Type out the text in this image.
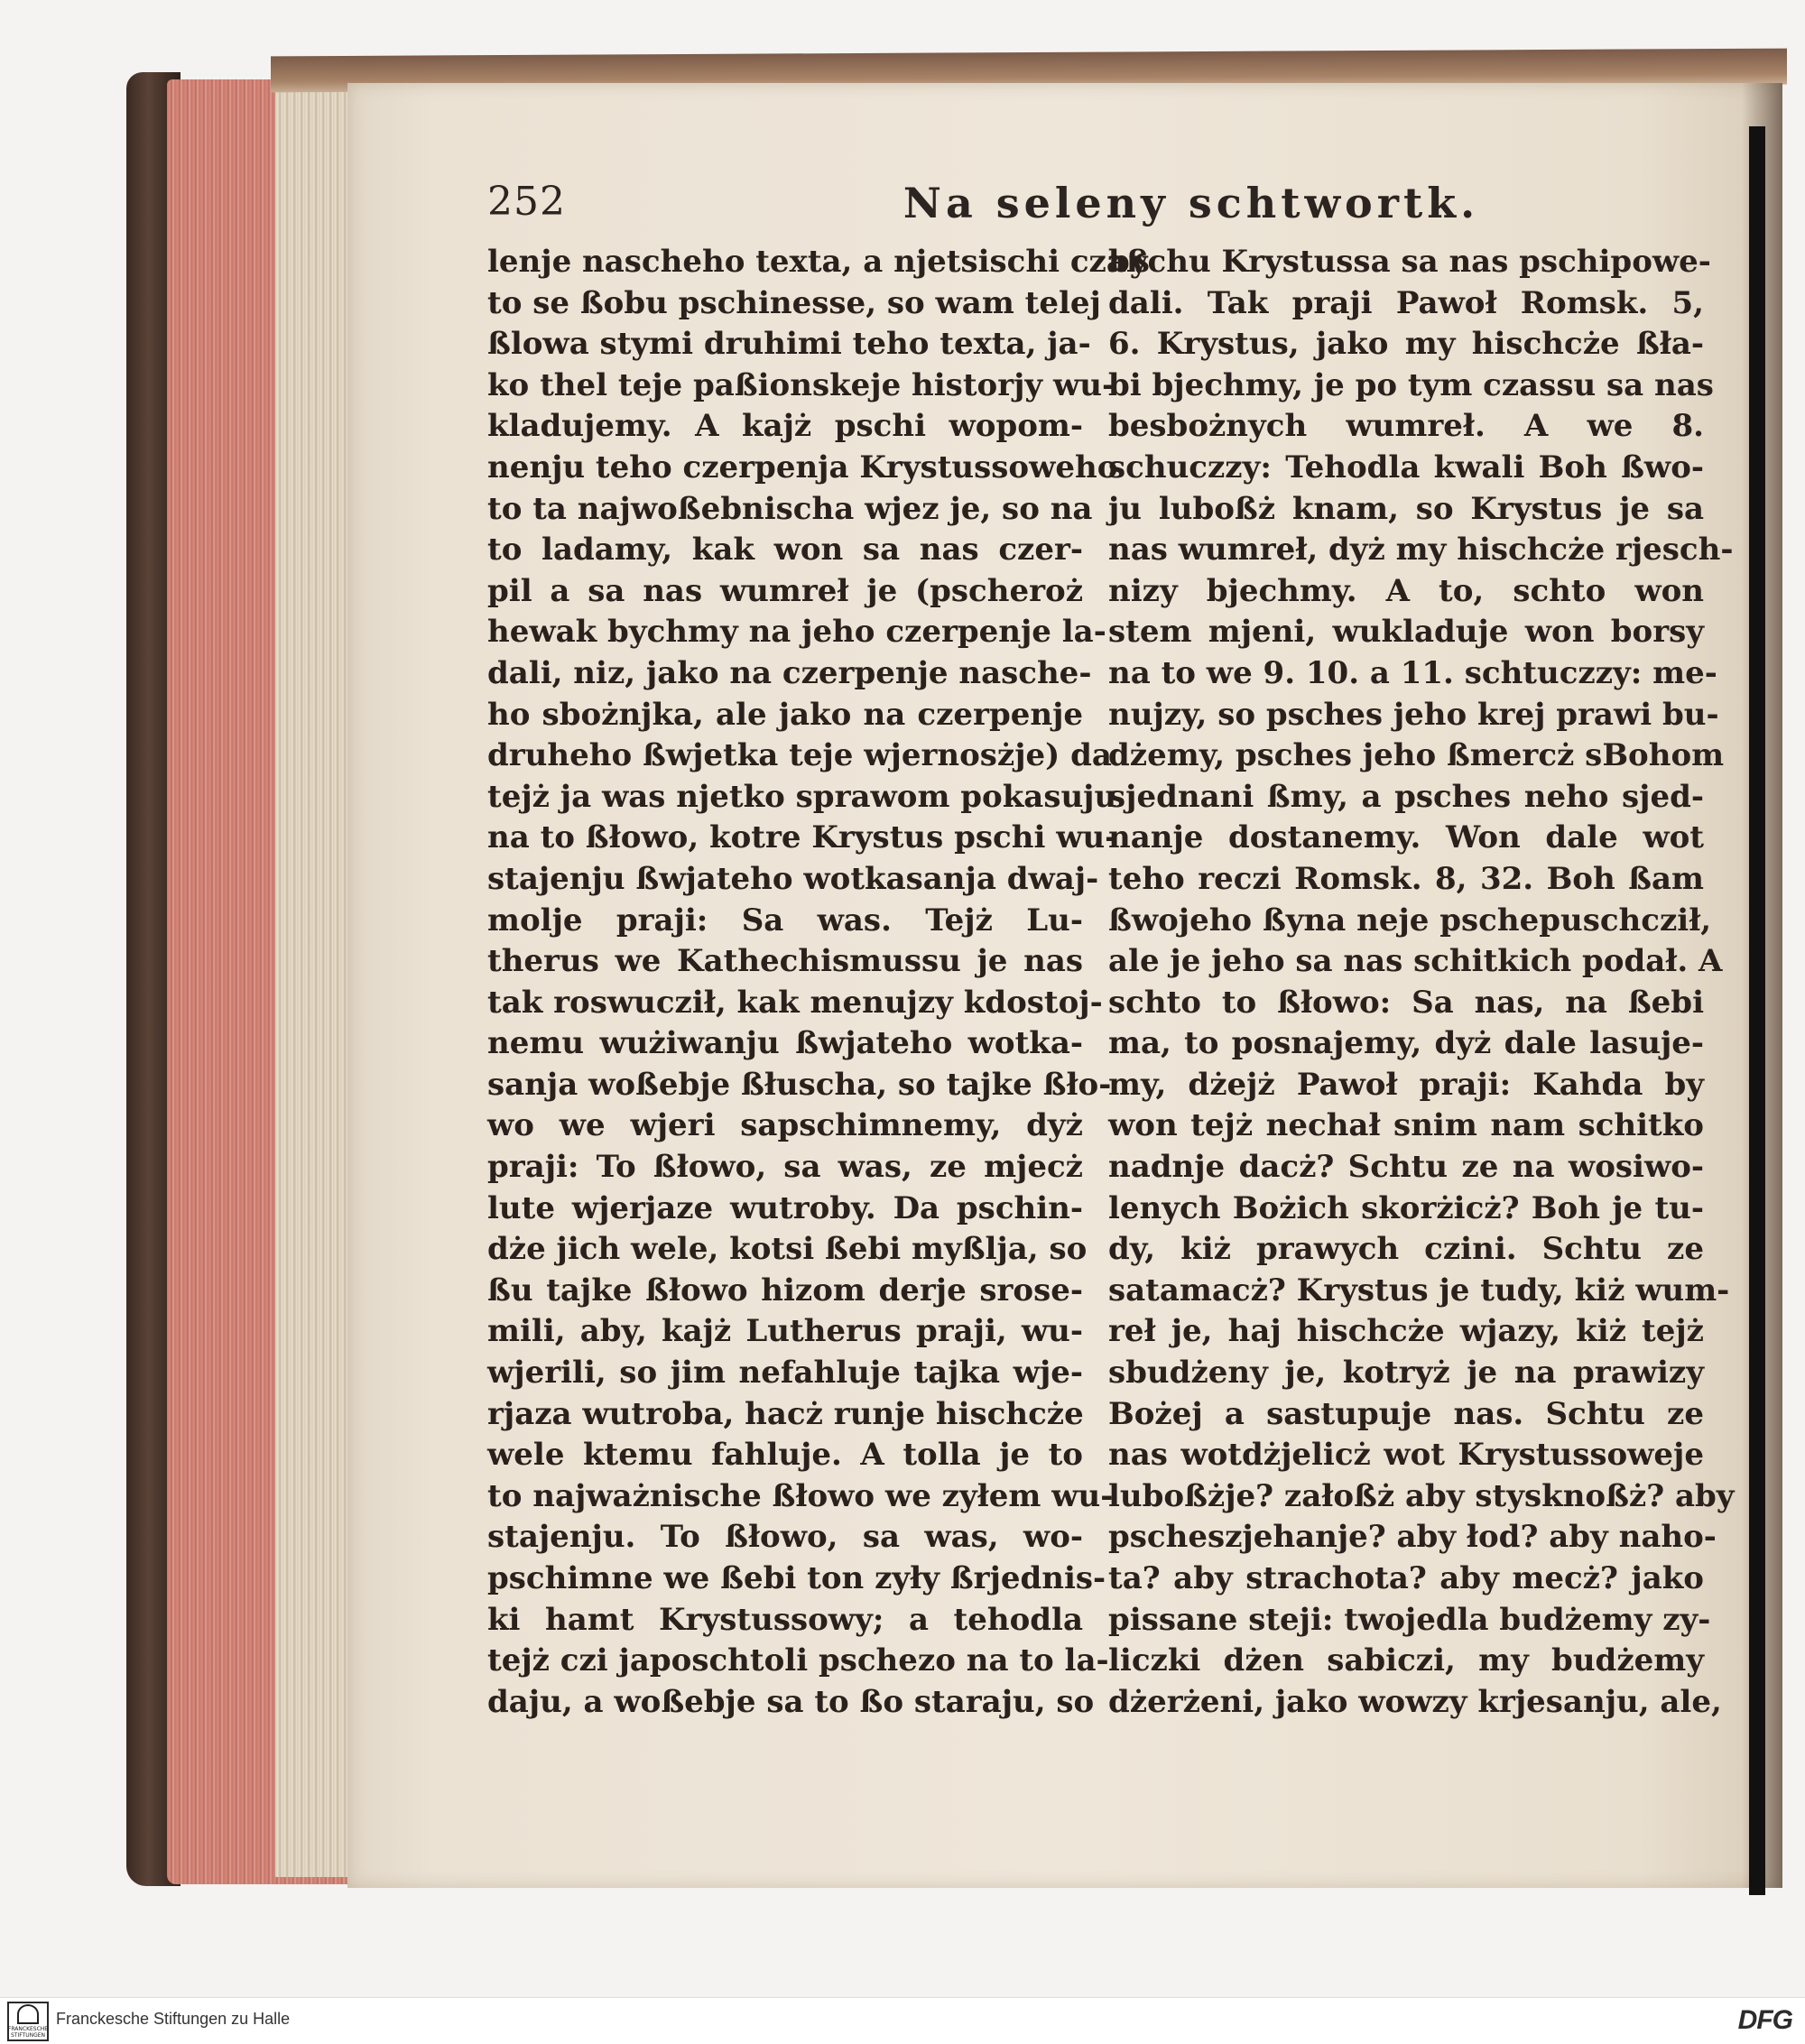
252	Na seleny schtwortk.
lenje nascheho texta, a njetsischi czaß
to se ßobu pschinesse, so wam telej
ßlowa stymi druhimi teho texta, ja-
ko thel teje paßionskeje historjy wu-
kladujemy. A kajż pschi wopom-
nenju teho czerpenja Krystussoweho
to ta najwoßebnischa wjez je, so na
to ladamy, kak won sa nas czer-
pil a sa nas wumreł je (pscheroż
hewak bychmy na jeho czerpenje la-
dali, niz, jako na czerpenje nasche-
ho sbożnjka, ale jako na czerpenje
druheho ßwjetka teje wjernosżje) da
tejż ja was njetko sprawom pokasuju
na to ßłowo, kotre Krystus pschi wu-
stajenju ßwjateho wotkasanja dwaj-
molje praji: Sa was. Tejż Lu-
therus we Kathechismussu je nas
tak roswucził, kak menujzy kdostoj-
nemu wużiwanju ßwjateho wotka-
sanja woßebje ßłuscha, so tajke ßło-
wo we wjeri sapschimnemy, dyż
praji: To ßłowo, sa was, ze mjecż
lute wjerjaze wutroby. Da pschin-
dże jich wele, kotsi ßebi myßlja, so
ßu tajke ßłowo hizom derje srose-
mili, aby, kajż Lutherus praji, wu-
wjerili, so jim nefahluje tajka wje-
rjaza wutroba, hacż runje hischcże
wele ktemu fahluje. A tolla je to
to najważnische ßłowo we zyłem wu-
stajenju. To ßłowo, sa was, wo-
pschimne we ßebi ton zyły ßrjednis-
ki hamt Krystussowy; a tehodla
tejż czi japoschtoli pschezo na to la-
daju, a woßebje sa to ßo staraju, so
bychu Krystussa sa nas pschipowe-
dali. Tak praji Pawoł Romsk. 5,
6. Krystus, jako my hischcże ßła-
bi bjechmy, je po tym czassu sa nas
besbożnych wumreł. A we 8.
schuczzy: Tehodla kwali Boh ßwo-
ju luboßż knam, so Krystus je sa
nas wumreł, dyż my hischcże rjesch-
nizy bjechmy. A to, schto won
stem mjeni, wukladuje won borsy
na to we 9. 10. a 11. schtuczzy: me-
nujzy, so psches jeho krej prawi bu-
dżemy, psches jeho ßmercż sBohom
sjednani ßmy, a psches neho sjed-
nanje dostanemy. Won dale wot
teho reczi Romsk. 8, 32. Boh ßam
ßwojeho ßyna neje pschepuschcził,
ale je jeho sa nas schitkich podał. A
schto to ßłowo: Sa nas, na ßebi
ma, to posnajemy, dyż dale lasuje-
my, dżejż Pawoł praji: Kahda by
won tejż nechał snim nam schitko
nadnje dacż? Schtu ze na wosiwo-
lenych Bożich skorżicż? Boh je tu-
dy, kiż prawych czini. Schtu ze
satamacż? Krystus je tudy, kiż wum-
reł je, haj hischcże wjazy, kiż tejż
sbudżeny je, kotryż je na prawizy
Bożej a sastupuje nas. Schtu ze
nas wotdżjelicż wot Krystussoweje
luboßżje? załoßż aby stysknoßż? aby
pscheszjehanje? aby łod? aby naho-
ta? aby strachota? aby mecż? jako
pissane steji: twojedla budżemy zy-
liczki dżen sabiczi, my budżemy
dżerżeni, jako wowzy krjesanju, ale,
FRANCKESCHE
STIFTUNGEN
Franckesche Stiftungen zu Halle	DFG
